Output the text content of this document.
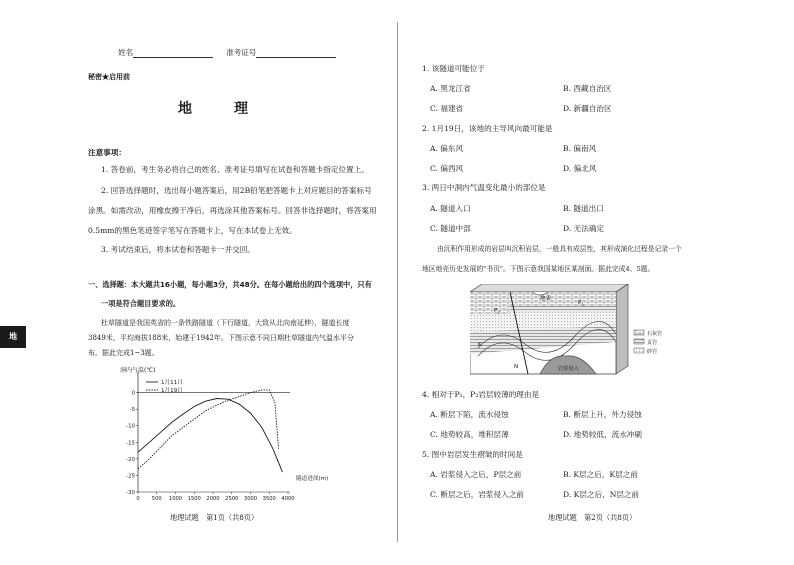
姓名	准考证号
秘密★启用前
地　理
地
注意事项：
1. 答卷前，考生务必将自己的姓名、准考证号填写在试卷和答题卡指定位置上。
2. 回答选择题时，选出每小题答案后，用2B铅笔把答题卡上对应题目的答案标号
涂黑。如需改动，用橡皮擦干净后，再选涂其他答案标号。回答非选择题时，将答案用
0.5mm的黑色笔迹签字笔写在答题卡上，写在本试卷上无效。
3. 考试结束后，将本试卷和答题卡一并交回。
一、选择题：本大题共16小题，每小题3分，共48分。在每小题给出的四个选项中，只有
一项是符合题目要求的。
杜草隧道是我国英省的一条铁路隧道（下行隧道，大致从北向南延伸），隧道长度
3849米，平均海拔188米，始建于1942年。下图示意不同日期杜草隧道内气温水平分
布。据此完成1~3题。
-30
-25
-20
-15
-10
-5
0
0 500 1000 1500 2000 2500 3000 3500 4000
洞内气温(℃)
隧道进深(m)
1月11日
1月19日
地理试题　第1页（共8页）
1. 该隧道可能位于
A. 黑龙江省	B. 西藏自治区
C. 福建省	D. 新疆自治区
2. 1月19日，该地的主导风向最可能是
A. 偏东风	B. 偏南风
C. 偏西风	D. 偏北风
3. 两日中洞内气温变化最小的部位是
A. 隧道入口	B. 隧道出口
C. 隧道中部	D. 无法确定
由沉积作用形成的岩层叫沉积岩层，一般具有成层性，其形成演化过程是记录一个
地区地壳历史发展的"书页"。下图示意我国某地区某剖面。据此完成4、5题。
地表
$P_1$
$P_2$
K
N	岩浆侵入
石灰岩
页岩
砂岩
4. 相对于P₁，P₂岩层较薄的理由是
A. 断层下陷，流水侵蚀	B. 断层上升，外力侵蚀
C. 地势较高，堆积层薄	D. 地势较低，流水冲刷
5. 图中岩层发生褶皱的时间是
A. 岩浆侵入之后，P层之前	B. K层之后，K层之前
C. 断层之后，岩浆侵入之前	D. K层之后，N层之前
地理试题　第2页（共8页）
